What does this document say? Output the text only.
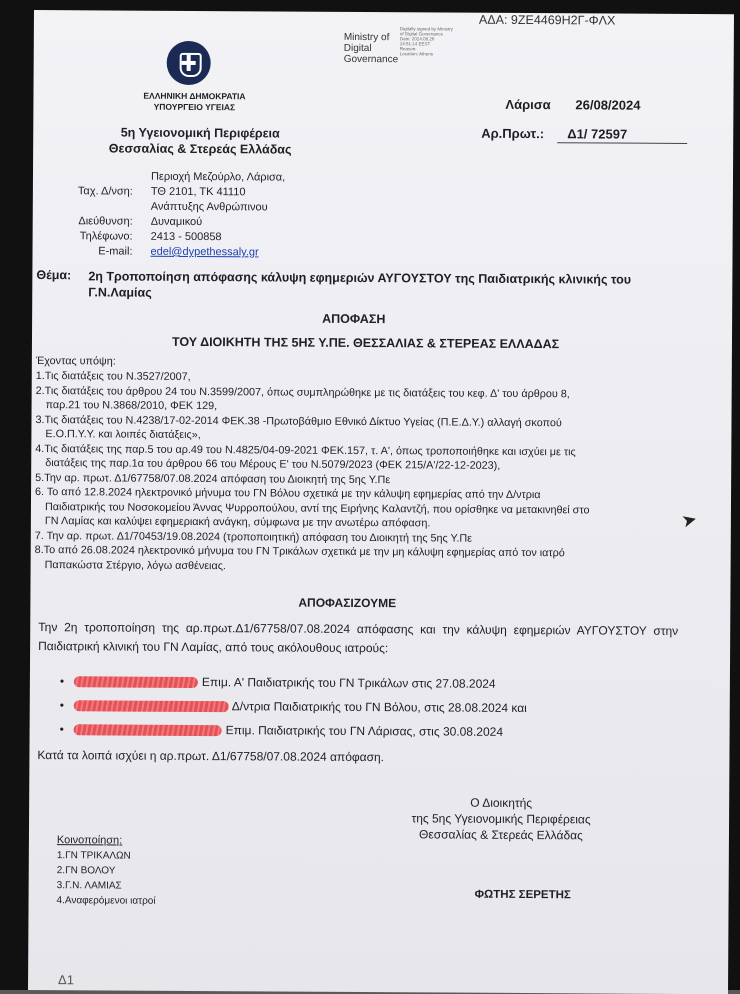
ΑΔΑ: 9ΖΕ4469Η2Γ-ΦΛΧ
Ministry of
Digital
Governance
Digitally signed by Ministry
of Digital Governance
Date: 2024.08.26
14:51:14 EEST
Reason:
Location: Athens
ΕΛΛΗΝΙΚΗ ΔΗΜΟΚΡΑΤΙΑ
ΥΠΟΥΡΓΕΙΟ ΥΓΕΙΑΣ
5η Υγειονομική Περιφέρεια
Θεσσαλίας & Στερεάς Ελλάδας
Λάρισα 26/08/2024
Αρ.Πρωτ.: Δ1/ 72597
Ταχ. Δ/νση:
Περιοχή Μεζούρλο, Λάρισα,
ΤΘ 2101, ΤΚ 41110
Ανάπτυξης Ανθρώπινου
Διεύθυνση: Δυναμικού
Τηλέφωνο: 2413 - 500858
E-mail: edel@dypethessaly.gr
Θέμα: 2η Τροποποίηση απόφασης κάλυψη εφημεριών ΑΥΓΟΥΣΤΟΥ της Παιδιατρικής κλινικής του Γ.Ν.Λαμίας
ΑΠΟΦΑΣΗ
ΤΟΥ ΔΙΟΙΚΗΤΗ ΤΗΣ 5ΗΣ Υ.ΠΕ. ΘΕΣΣΑΛΙΑΣ & ΣΤΕΡΕΑΣ ΕΛΛΑΔΑΣ
Έχοντας υπόψη:
1.Τις διατάξεις του Ν.3527/2007,
2.Τις διατάξεις του άρθρου 24 του Ν.3599/2007, όπως συμπληρώθηκε με τις διατάξεις του κεφ. Δ' του άρθρου 8,
παρ.21 του Ν.3868/2010, ΦΕΚ 129,
3.Τις διατάξεις του Ν.4238/17-02-2014 ΦΕΚ.38 -Πρωτοβάθμιο Εθνικό Δίκτυο Υγείας (Π.Ε.Δ.Υ.) αλλαγή σκοπού
Ε.Ο.Π.Υ.Υ. και λοιπές διατάξεις»,
4.Τις διατάξεις της παρ.5 του αρ.49 του Ν.4825/04-09-2021 ΦΕΚ.157, τ. Α', όπως τροποποιήθηκε και ισχύει με τις
διατάξεις της παρ.1α του άρθρου 66 του Μέρους Ε' του Ν.5079/2023 (ΦΕΚ 215/Α'/22-12-2023),
5.Την αρ. πρωτ. Δ1/67758/07.08.2024 απόφαση του Διοικητή της 5ης Υ.Πε
6. Το από 12.8.2024 ηλεκτρονικό μήνυμα του ΓΝ Βόλου σχετικά με την κάλυψη εφημερίας από την Δ/ντρια
Παιδιατρικής του Νοσοκομείου Άννας Ψυρροπούλου, αντί της Ειρήνης Καλαντζή, που ορίσθηκε να μετακινηθεί στο
ΓΝ Λαμίας και καλύψει εφημεριακή ανάγκη, σύμφωνα με την ανωτέρω απόφαση.
7. Την αρ. πρωτ. Δ1/70453/19.08.2024 (τροποποιητική) απόφαση του Διοικητή της 5ης Υ.Πε
8.Το από 26.08.2024 ηλεκτρονικό μήνυμα του ΓΝ Τρικάλων σχετικά με την μη κάλυψη εφημερίας από τον ιατρό
Παπακώστα Στέργιο, λόγω ασθένειας.
ΑΠΟΦΑΣΙΖΟΥΜΕ
Την 2η τροποποίηση της αρ.πρωτ.Δ1/67758/07.08.2024 απόφασης και την κάλυψη εφημεριών ΑΥΓΟΥΣΤΟΥ στην Παιδιατρική κλινική του ΓΝ Λαμίας, από τους ακόλουθους ιατρούς:
•	Επιμ. Α' Παιδιατρικής του ΓΝ Τρικάλων στις 27.08.2024
•	Δ/ντρια Παιδιατρικής του ΓΝ Βόλου, στις 28.08.2024 και
•	Επιμ. Παιδιατρικής του ΓΝ Λάρισας, στις 30.08.2024
Κατά τα λοιπά ισχύει η αρ.πρωτ. Δ1/67758/07.08.2024 απόφαση.
Ο Διοικητής
της 5ης Υγειονομικής Περιφέρειας
Θεσσαλίας & Στερεάς Ελλάδας
Κοινοποίηση:
1.ΓΝ ΤΡΙΚΑΛΩΝ
2.ΓΝ ΒΟΛΟΥ
3.Γ.Ν. ΛΑΜΙΑΣ
4.Αναφερόμενοι ιατροί	ΦΩΤΗΣ ΣΕΡΕΤΗΣ
Δ1
➤
